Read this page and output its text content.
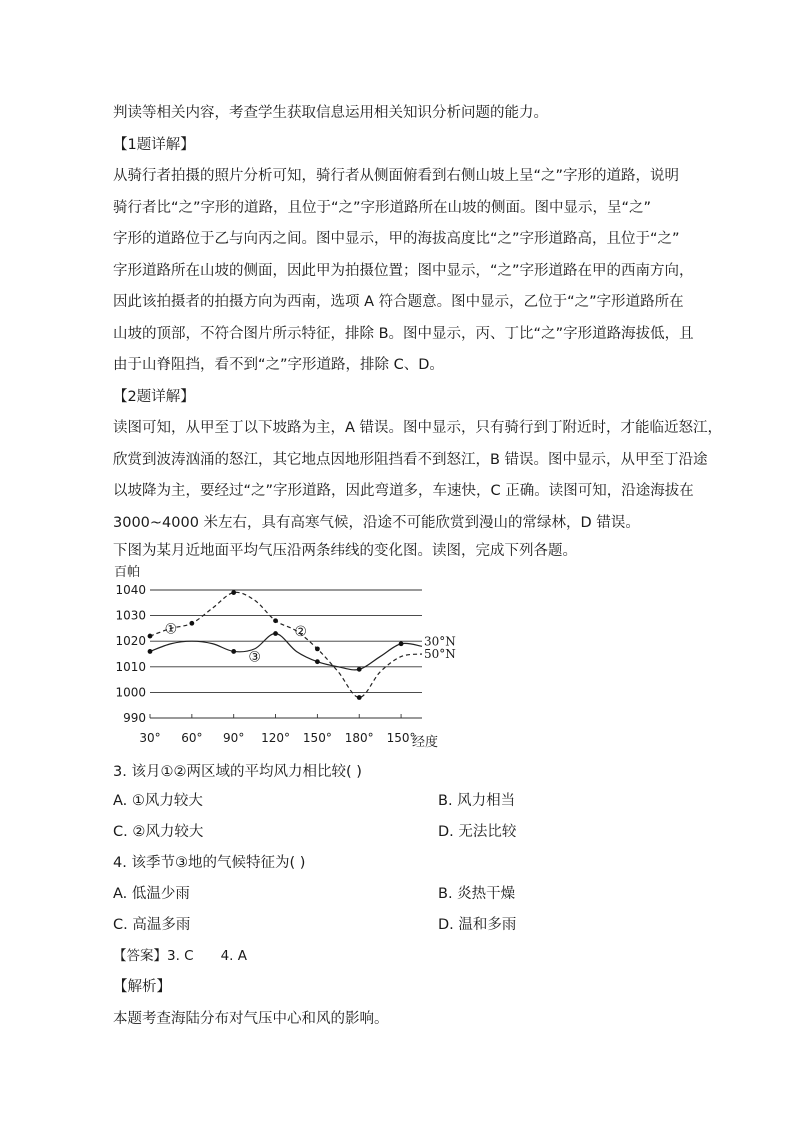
判读等相关内容，考查学生获取信息运用相关知识分析问题的能力。
【1题详解】
从骑行者拍摄的照片分析可知，骑行者从侧面俯看到右侧山坡上呈“之”字形的道路，说明
骑行者比“之”字形的道路，且位于“之”字形道路所在山坡的侧面。图中显示，呈“之”
字形的道路位于乙与向丙之间。图中显示，甲的海拔高度比“之”字形道路高，且位于“之”
字形道路所在山坡的侧面，因此甲为拍摄位置；图中显示，“之”字形道路在甲的西南方向，
因此该拍摄者的拍摄方向为西南，选项 A 符合题意。图中显示，乙位于“之”字形道路所在
山坡的顶部，不符合图片所示特征，排除 B。图中显示，丙、丁比“之”字形道路海拔低，且
由于山脊阻挡，看不到“之”字形道路，排除 C、D。
【2题详解】
读图可知，从甲至丁以下坡路为主，A 错误。图中显示，只有骑行到丁附近时，才能临近怒江，
欣赏到波涛汹涌的怒江，其它地点因地形阻挡看不到怒江，B 错误。图中显示，从甲至丁沿途
以坡降为主，要经过“之”字形道路，因此弯道多，车速快，C 正确。读图可知，沿途海拔在
3000~4000 米左右，具有高寒气候，沿途不可能欣赏到漫山的常绿林，D 错误。
下图为某月近地面平均气压沿两条纬线的变化图。读图，完成下列各题。
990
1000
1010
1020
1030
1040
30° 60° 90° 120° 150° 180° 150°
百帕
经度
30°N
50°N
①	②
③
3. 该月①②两区域的平均风力相比较( )
A. ①风力较大	B. 风力相当
C. ②风力较大	D. 无法比较
4. 该季节③地的气候特征为( )
A. 低温少雨	B. 炎热干燥
C. 高温多雨	D. 温和多雨
【答案】3. C　　4. A
【解析】
本题考查海陆分布对气压中心和风的影响。
